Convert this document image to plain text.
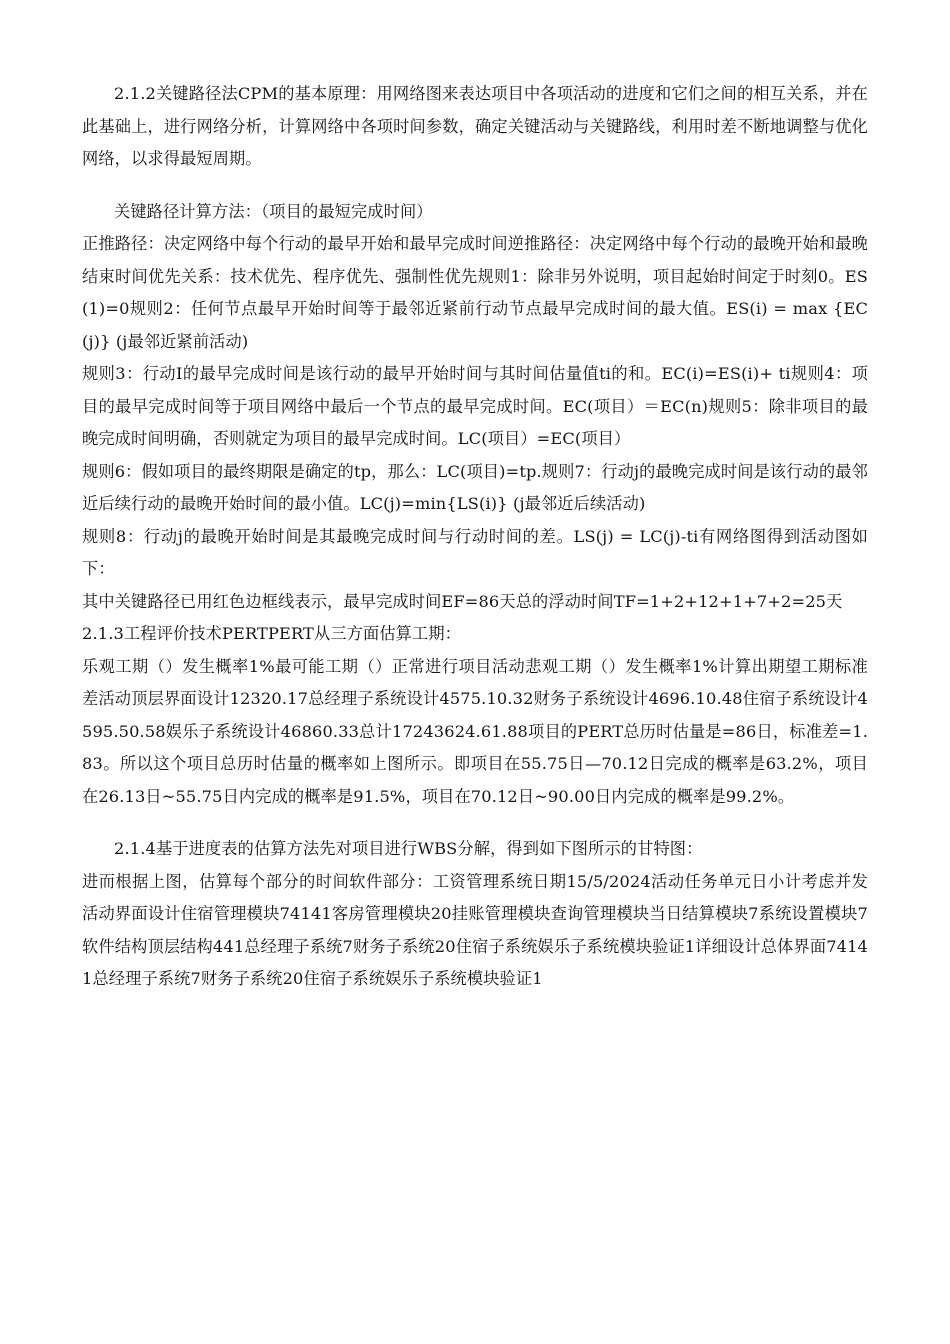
2.1.2关键路径法CPM的基本原理：用网络图来表达项目中各项活动的进度和它们之间的相互关系，并在此基础上，进行网络分析，计算网络中各项时间参数，确定关键活动与关键路线，利用时差不断地调整与优化网络，以求得最短周期。

关键路径计算方法：（项目的最短完成时间）

正推路径：决定网络中每个行动的最早开始和最早完成时间逆推路径：决定网络中每个行动的最晚开始和最晚结束时间优先关系：技术优先、程序优先、强制性优先规则1：除非另外说明，项目起始时间定于时刻0。ES(1)=0规则2：任何节点最早开始时间等于最邻近紧前行动节点最早完成时间的最大值。ES(i) = max {EC(j)} (j最邻近紧前活动)

规则3：行动I的最早完成时间是该行动的最早开始时间与其时间估量值ti的和。EC(i)=ES(i)+ ti规则4：项目的最早完成时间等于项目网络中最后一个节点的最早完成时间。EC(项目）＝EC(n)规则5：除非项目的最晚完成时间明确，否则就定为项目的最早完成时间。LC(项目）=EC(项目）

规则6：假如项目的最终期限是确定的tp，那么：LC(项目)=tp.规则7：行动j的最晚完成时间是该行动的最邻近后续行动的最晚开始时间的最小值。LC(j)=min{LS(i)} (j最邻近后续活动)

规则8：行动j的最晚开始时间是其最晚完成时间与行动时间的差。LS(j) = LC(j)-ti有网络图得到活动图如下：

其中关键路径已用红色边框线表示，最早完成时间EF=86天总的浮动时间TF=1+2+12+1+7+2=25天

2.1.3工程评价技术PERTPERT从三方面估算工期：

乐观工期（）发生概率1%最可能工期（）正常进行项目活动悲观工期（）发生概率1%计算出期望工期标准差活动顶层界面设计12320.17总经理子系统设计4575.10.32财务子系统设计4696.10.48住宿子系统设计4595.50.58娱乐子系统设计46860.33总计17243624.61.88项目的PERT总历时估量是=86日，标准差=1.83。所以这个项目总历时估量的概率如上图所示。即项目在55.75日—70.12日完成的概率是63.2%，项目在26.13日~55.75日内完成的概率是91.5%，项目在70.12日~90.00日内完成的概率是99.2%。

2.1.4基于进度表的估算方法先对项目进行WBS分解，得到如下图所示的甘特图：

进而根据上图，估算每个部分的时间软件部分：工资管理系统日期15/5/2024活动任务单元日小计考虑并发活动界面设计住宿管理模块74141客房管理模块20挂账管理模块查询管理模块当日结算模块7系统设置模块7软件结构顶层结构441总经理子系统7财务子系统20住宿子系统娱乐子系统模块验证1详细设计总体界面74141总经理子系统7财务子系统20住宿子系统娱乐子系统模块验证1
